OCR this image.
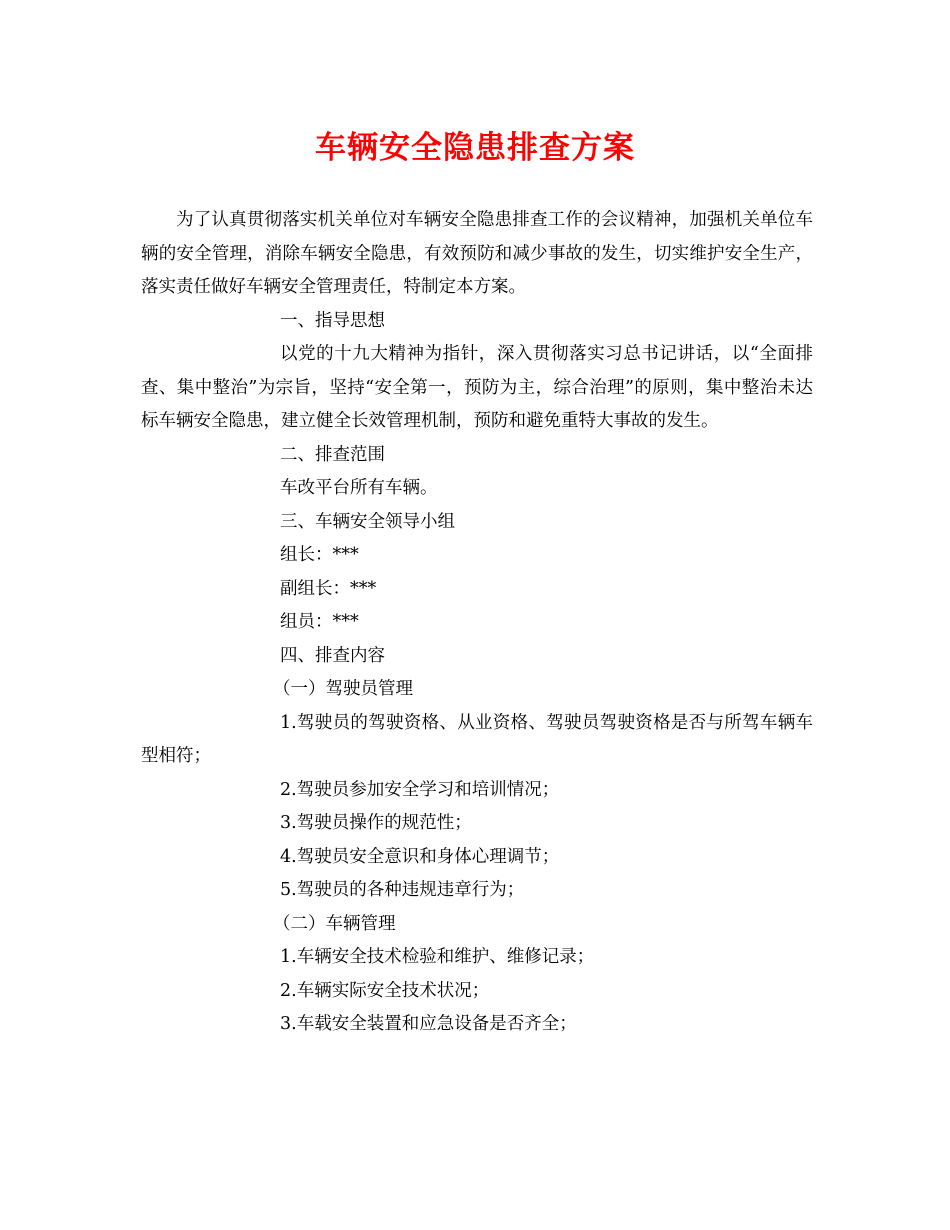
车辆安全隐患排查方案

为了认真贯彻落实机关单位对车辆安全隐患排查工作的会议精神，加强机关单位车辆的安全管理，消除车辆安全隐患，有效预防和减少事故的发生，切实维护安全生产，落实责任做好车辆安全管理责任，特制定本方案。

一、指导思想

以党的十九大精神为指针，深入贯彻落实习总书记讲话，以“全面排查、集中整治”为宗旨，坚持“安全第一，预防为主，综合治理”的原则，集中整治未达标车辆安全隐患，建立健全长效管理机制，预防和避免重特大事故的发生。

二、排查范围

车改平台所有车辆。

三、车辆安全领导小组

组长：***

副组长：***

组员：***

四、排查内容

（一）驾驶员管理

1.驾驶员的驾驶资格、从业资格、驾驶员驾驶资格是否与所驾车辆车型相符；

2.驾驶员参加安全学习和培训情况；

3.驾驶员操作的规范性；

4.驾驶员安全意识和身体心理调节；

5.驾驶员的各种违规违章行为；

（二）车辆管理

1.车辆安全技术检验和维护、维修记录；

2.车辆实际安全技术状况；

3.车载安全装置和应急设备是否齐全；
